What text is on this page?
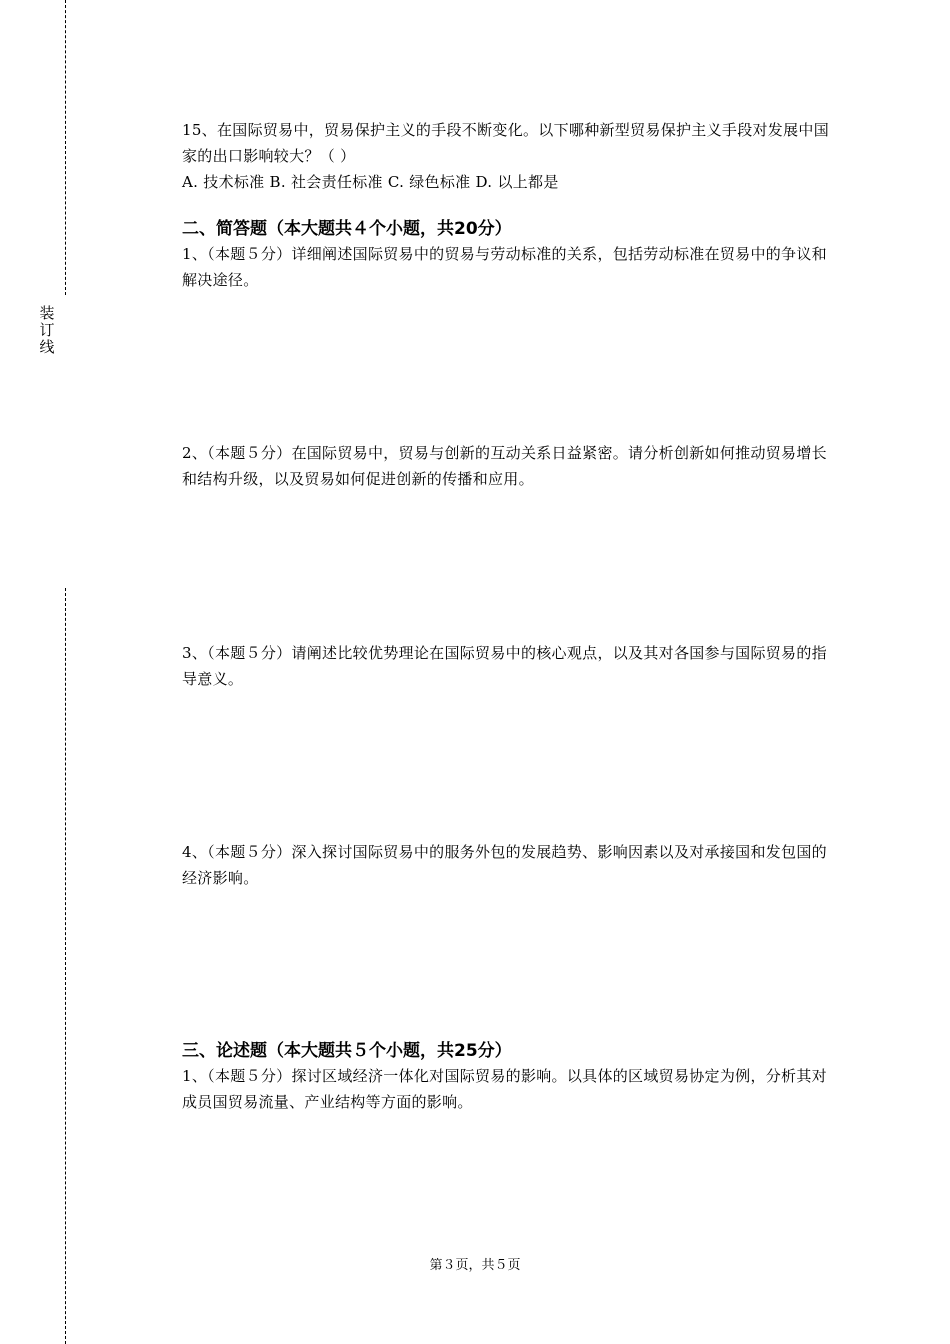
装
订
线
15、在国际贸易中，贸易保护主义的手段不断变化。以下哪种新型贸易保护主义手段对发展中国家的出口影响较大？（ ）
A. 技术标准 B. 社会责任标准 C. 绿色标准 D. 以上都是
二、简答题（本大题共４个小题，共20分）
1、（本题５分）详细阐述国际贸易中的贸易与劳动标准的关系，包括劳动标准在贸易中的争议和解决途径。
2、（本题５分）在国际贸易中，贸易与创新的互动关系日益紧密。请分析创新如何推动贸易增长和结构升级，以及贸易如何促进创新的传播和应用。
3、（本题５分）请阐述比较优势理论在国际贸易中的核心观点，以及其对各国参与国际贸易的指导意义。
4、（本题５分）深入探讨国际贸易中的服务外包的发展趋势、影响因素以及对承接国和发包国的经济影响。
三、论述题（本大题共５个小题，共25分）
1、（本题５分）探讨区域经济一体化对国际贸易的影响。以具体的区域贸易协定为例，分析其对成员国贸易流量、产业结构等方面的影响。
第３页，共５页
